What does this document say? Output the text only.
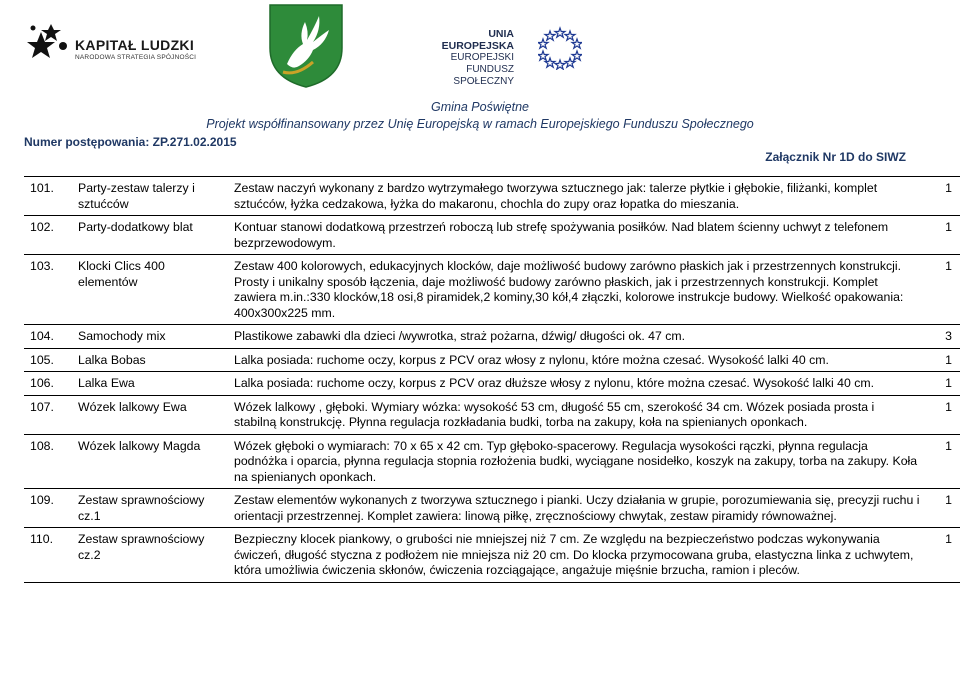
KAPITAŁ LUDZKI
NARODOWA STRATEGIA SPÓJNOŚCI
UNIA EUROPEJSKA
EUROPEJSKI
FUNDUSZ SPOŁECZNY
Gmina Poświętne
Projekt współfinansowany przez Unię Europejską w ramach Europejskiego Funduszu Społecznego
Numer postępowania: ZP.271.02.2015
Załącznik Nr 1D do SIWZ
101.	Party-zestaw talerzy i sztućców	Zestaw naczyń wykonany z bardzo wytrzymałego tworzywa sztucznego jak: talerze płytkie i głębokie, filiżanki, komplet sztućców, łyżka cedzakowa, łyżka do makaronu, chochla do zupy oraz łopatka do mieszania.	1
102.	Party-dodatkowy blat	Kontuar stanowi dodatkową przestrzeń roboczą lub strefę spożywania posiłków. Nad blatem ścienny uchwyt z telefonem bezprzewodowym.	1
103.	Klocki Clics 400 elementów	Zestaw 400 kolorowych, edukacyjnych klocków, daje możliwość budowy zarówno płaskich jak i przestrzennych konstrukcji. Prosty i unikalny sposób łączenia, daje możliwość budowy zarówno płaskich, jak i przestrzennych konstrukcji. Komplet zawiera m.in.:330 klocków,18 osi,8 piramidek,2 kominy,30 kół,4 złączki, kolorowe instrukcje budowy. Wielkość opakowania: 400x300x225 mm.	1
104.	Samochody mix	Plastikowe zabawki dla dzieci /wywrotka, straż pożarna, dźwig/ długości ok. 47 cm.	3
105.	Lalka Bobas	Lalka posiada: ruchome oczy, korpus z PCV oraz włosy z nylonu, które można czesać. Wysokość lalki 40 cm.	1
106.	Lalka Ewa	Lalka posiada: ruchome oczy, korpus z PCV oraz dłuższe włosy z nylonu, które można czesać. Wysokość lalki 40 cm.	1
107.	Wózek lalkowy Ewa	Wózek lalkowy , głęboki. Wymiary wózka: wysokość 53 cm, długość 55 cm, szerokość 34 cm. Wózek posiada prosta i stabilną konstrukcję. Płynna regulacja rozkładania budki, torba na zakupy, koła na spienianych oponkach.	1
108.	Wózek lalkowy Magda	Wózek głęboki o wymiarach: 70 x 65 x 42 cm. Typ głęboko-spacerowy. Regulacja wysokości rączki, płynna regulacja podnóżka i oparcia, płynna regulacja stopnia rozłożenia budki, wyciągane nosidełko, koszyk na zakupy, torba na zakupy. Koła na spienianych oponkach.	1
109.	Zestaw sprawnościowy cz.1	Zestaw elementów wykonanych z tworzywa sztucznego i pianki. Uczy działania w grupie, porozumiewania się, precyzji ruchu i orientacji przestrzennej. Komplet zawiera: linową piłkę, zręcznościowy chwytak, zestaw piramidy równoważnej.	1
110.	Zestaw sprawnościowy cz.2	Bezpieczny klocek piankowy, o grubości nie mniejszej niż 7 cm. Ze względu na bezpieczeństwo podczas wykonywania ćwiczeń, długość styczna z podłożem nie mniejsza niż 20 cm. Do klocka przymocowana gruba, elastyczna linka z uchwytem, która umożliwia ćwiczenia skłonów, ćwiczenia rozciągające, angażuje mięśnie brzucha, ramion i pleców.	1
